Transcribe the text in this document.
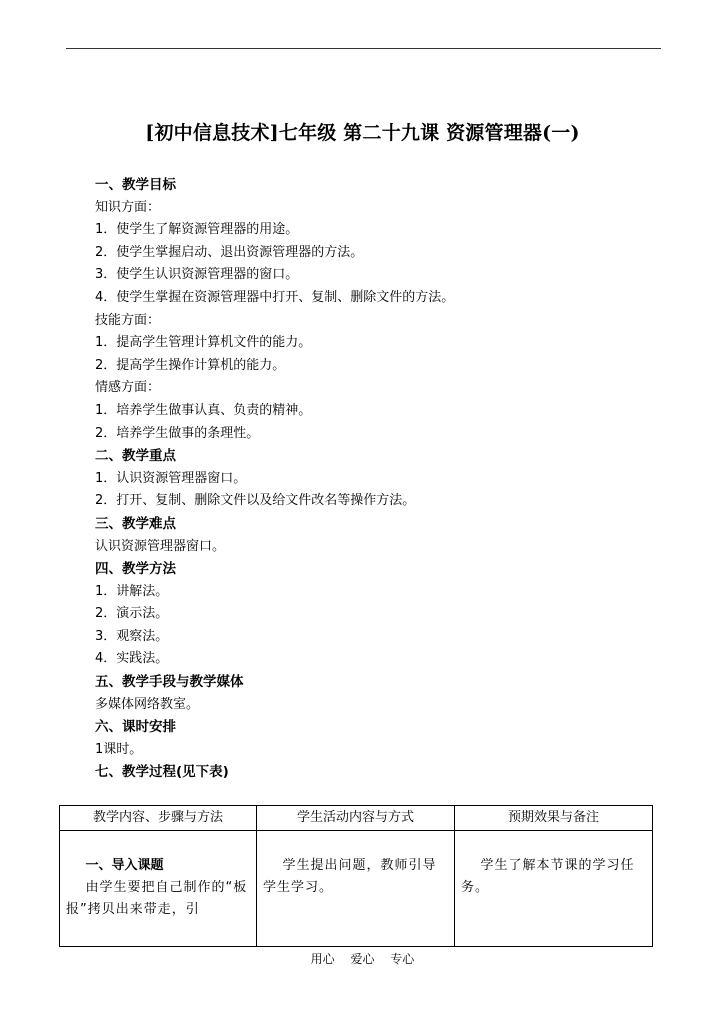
[初中信息技术]七年级 第二十九课 资源管理器(一)
一、教学目标
知识方面：
1．使学生了解资源管理器的用途。
2．使学生掌握启动、退出资源管理器的方法。
3．使学生认识资源管理器的窗口。
4．使学生掌握在资源管理器中打开、复制、删除文件的方法。
技能方面：
1．提高学生管理计算机文件的能力。
2．提高学生操作计算机的能力。
情感方面：
1．培养学生做事认真、负责的精神。
2．培养学生做事的条理性。
二、教学重点
1．认识资源管理器窗口。
2．打开、复制、删除文件以及给文件改名等操作方法。
三、教学难点
认识资源管理器窗口。
四、教学方法
1．讲解法。
2．演示法。
3．观察法。
4．实践法。
五、教学手段与教学媒体
多媒体网络教室。
六、课时安排
1课时。
七、教学过程(见下表)
教学内容、步骤与方法	学生活动内容与方式	预期效果与备注

一、导入课题
由学生要把自己制作的“板报”拷贝出来带走，引	学生提出问题，教师引导学生学习。	学生了解本节课的学习任务。
用心 爱心 专心
